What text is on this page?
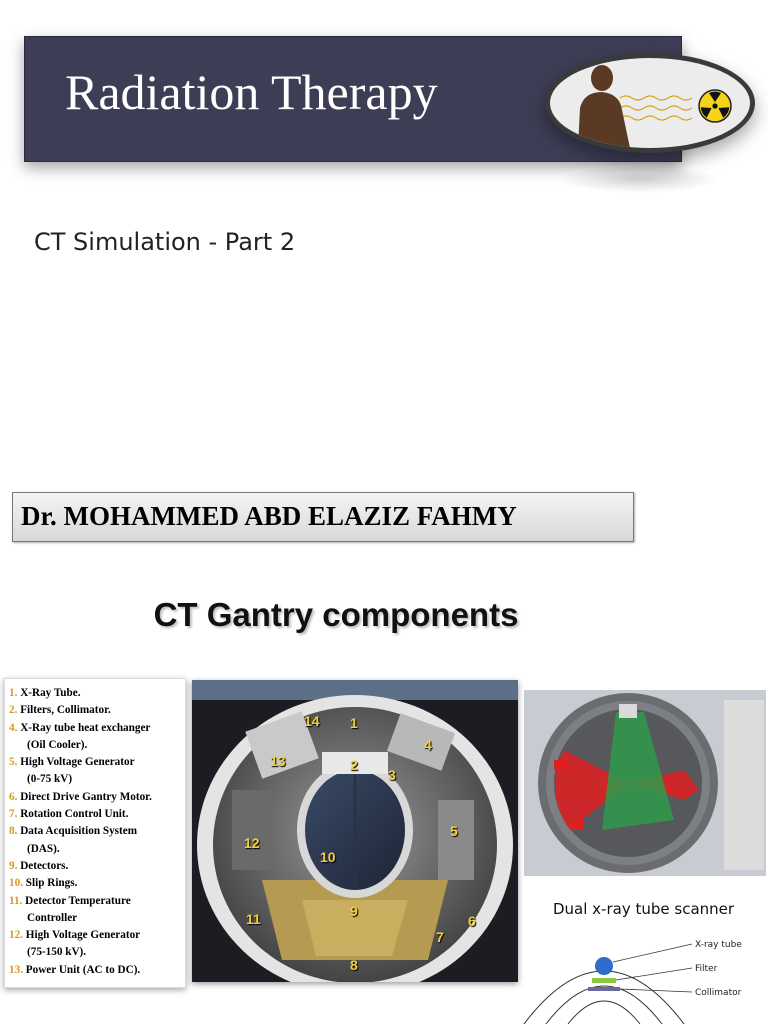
Radiation Therapy
CT Simulation - Part 2
Dr. MOHAMMED ABD ELAZIZ FAHMY
CT Gantry components
1. X-Ray Tube.
2. Filters, Collimator.
4. X-Ray tube heat exchanger
(Oil Cooler).
5. High Voltage Generator
(0-75 kV)
6. Direct Drive Gantry Motor.
7. Rotation Control Unit.
8. Data Acquisition System
(DAS).
9. Detectors.
10. Slip Rings.
11. Detector Temperature
Controller
12. High Voltage Generator
(75-150 kV).
13. Power Unit (AC to DC).
14 1
4
13	2
3
12
10
5
11	9
6
7
8
Dual x-ray tube scanner
X-ray tube
Filter
Collimator
